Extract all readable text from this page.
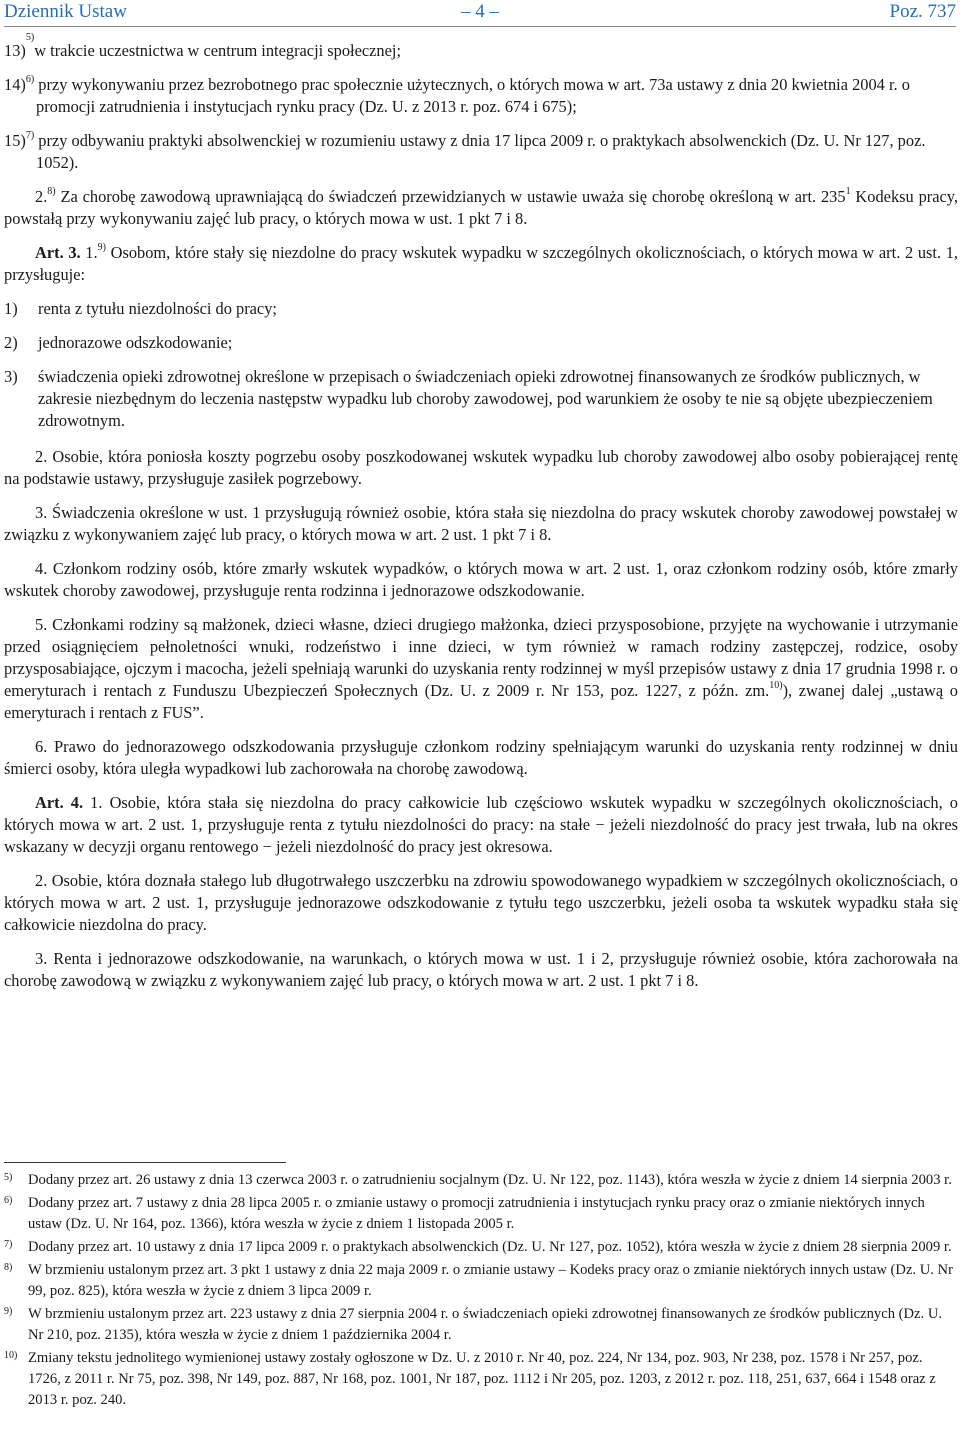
Dziennik Ustaw	– 4 –	Poz. 737
13)
$^{5)}$
w trakcie uczestnictwa w centrum integracji społecznej;
14)$^{6)}$ przy wykonywaniu przez bezrobotnego prac społecznie użytecznych, o których mowa w art. 73a ustawy z dnia 20 kwietnia 2004 r. o promocji zatrudnienia i instytucjach rynku pracy (Dz. U. z 2013 r. poz. 674 i 675);
15)$^{7)}$ przy odbywaniu praktyki absolwenckiej w rozumieniu ustawy z dnia 17 lipca 2009 r. o praktykach absolwenckich (Dz. U. Nr 127, poz. 1052).
2.$^{8)}$ Za chorobę zawodową uprawniającą do świadczeń przewidzianych w ustawie uważa się chorobę określoną w art. $235^1$ Kodeksu pracy, powstałą przy wykonywaniu zajęć lub pracy, o których mowa w ust. 1 pkt 7 i 8.
Art. 3. 1.$^{9)}$ Osobom, które stały się niezdolne do pracy wskutek wypadku w szczególnych okolicznościach, o których mowa w art. 2 ust. 1, przysługuje:
1)	renta z tytułu niezdolności do pracy;
2)	jednorazowe odszkodowanie;
3)	świadczenia opieki zdrowotnej określone w przepisach o świadczeniach opieki zdrowotnej finansowanych ze środków publicznych, w zakresie niezbędnym do leczenia następstw wypadku lub choroby zawodowej, pod warunkiem że osoby te nie są objęte ubezpieczeniem zdrowotnym.
2. Osobie, która poniosła koszty pogrzebu osoby poszkodowanej wskutek wypadku lub choroby zawodowej albo osoby pobierającej rentę na podstawie ustawy, przysługuje zasiłek pogrzebowy.
3. Świadczenia określone w ust. 1 przysługują również osobie, która stała się niezdolna do pracy wskutek choroby zawodowej powstałej w związku z wykonywaniem zajęć lub pracy, o których mowa w art. 2 ust. 1 pkt 7 i 8.
4. Członkom rodziny osób, które zmarły wskutek wypadków, o których mowa w art. 2 ust. 1, oraz członkom rodziny osób, które zmarły wskutek choroby zawodowej, przysługuje renta rodzinna i jednorazowe odszkodowanie.
5. Członkami rodziny są małżonek, dzieci własne, dzieci drugiego małżonka, dzieci przysposobione, przyjęte na wychowanie i utrzymanie przed osiągnięciem pełnoletności wnuki, rodzeństwo i inne dzieci, w tym również w ramach rodziny zastępczej, rodzice, osoby przysposabiające, ojczym i macocha, jeżeli spełniają warunki do uzyskania renty rodzinnej w myśl przepisów ustawy z dnia 17 grudnia 1998 r. o emeryturach i rentach z Funduszu Ubezpieczeń Społecznych (Dz. U. z 2009 r. Nr 153, poz. 1227, z późn. zm.$^{10)}$), zwanej dalej „ustawą o emeryturach i rentach z FUS”.
6. Prawo do jednorazowego odszkodowania przysługuje członkom rodziny spełniającym warunki do uzyskania renty rodzinnej w dniu śmierci osoby, która uległa wypadkowi lub zachorowała na chorobę zawodową.
Art. 4. 1. Osobie, która stała się niezdolna do pracy całkowicie lub częściowo wskutek wypadku w szczególnych okolicznościach, o których mowa w art. 2 ust. 1, przysługuje renta z tytułu niezdolności do pracy: na stałe − jeżeli niezdolność do pracy jest trwała, lub na okres wskazany w decyzji organu rentowego − jeżeli niezdolność do pracy jest okresowa.
2. Osobie, która doznała stałego lub długotrwałego uszczerbku na zdrowiu spowodowanego wypadkiem w szczególnych okolicznościach, o których mowa w art. 2 ust. 1, przysługuje jednorazowe odszkodowanie z tytułu tego uszczerbku, jeżeli osoba ta wskutek wypadku stała się całkowicie niezdolna do pracy.
3. Renta i jednorazowe odszkodowanie, na warunkach, o których mowa w ust. 1 i 2, przysługuje również osobie, która zachorowała na chorobę zawodową w związku z wykonywaniem zajęć lub pracy, o których mowa w art. 2 ust. 1 pkt 7 i 8.
5)	Dodany przez art. 26 ustawy z dnia 13 czerwca 2003 r. o zatrudnieniu socjalnym (Dz. U. Nr 122, poz. 1143), która weszła w życie z dniem 14 sierpnia 2003 r.
6)	Dodany przez art. 7 ustawy z dnia 28 lipca 2005 r. o zmianie ustawy o promocji zatrudnienia i instytucjach rynku pracy oraz o zmianie niektórych innych ustaw (Dz. U. Nr 164, poz. 1366), która weszła w życie z dniem 1 listopada 2005 r.
7)	Dodany przez art. 10 ustawy z dnia 17 lipca 2009 r. o praktykach absolwenckich (Dz. U. Nr 127, poz. 1052), która weszła w życie z dniem 28 sierpnia 2009 r.
8)	W brzmieniu ustalonym przez art. 3 pkt 1 ustawy z dnia 22 maja 2009 r. o zmianie ustawy – Kodeks pracy oraz o zmianie niektórych innych ustaw (Dz. U. Nr 99, poz. 825), która weszła w życie z dniem 3 lipca 2009 r.
9)	W brzmieniu ustalonym przez art. 223 ustawy z dnia 27 sierpnia 2004 r. o świadczeniach opieki zdrowotnej finansowanych ze środków publicznych (Dz. U. Nr 210, poz. 2135), która weszła w życie z dniem 1 października 2004 r.
10) Zmiany tekstu jednolitego wymienionej ustawy zostały ogłoszone w Dz. U. z 2010 r. Nr 40, poz. 224, Nr 134, poz. 903, Nr 238, poz. 1578 i Nr 257, poz. 1726, z 2011 r. Nr 75, poz. 398, Nr 149, poz. 887, Nr 168, poz. 1001, Nr 187, poz. 1112 i Nr 205, poz. 1203, z 2012 r. poz. 118, 251, 637, 664 i 1548 oraz z 2013 r. poz. 240.
